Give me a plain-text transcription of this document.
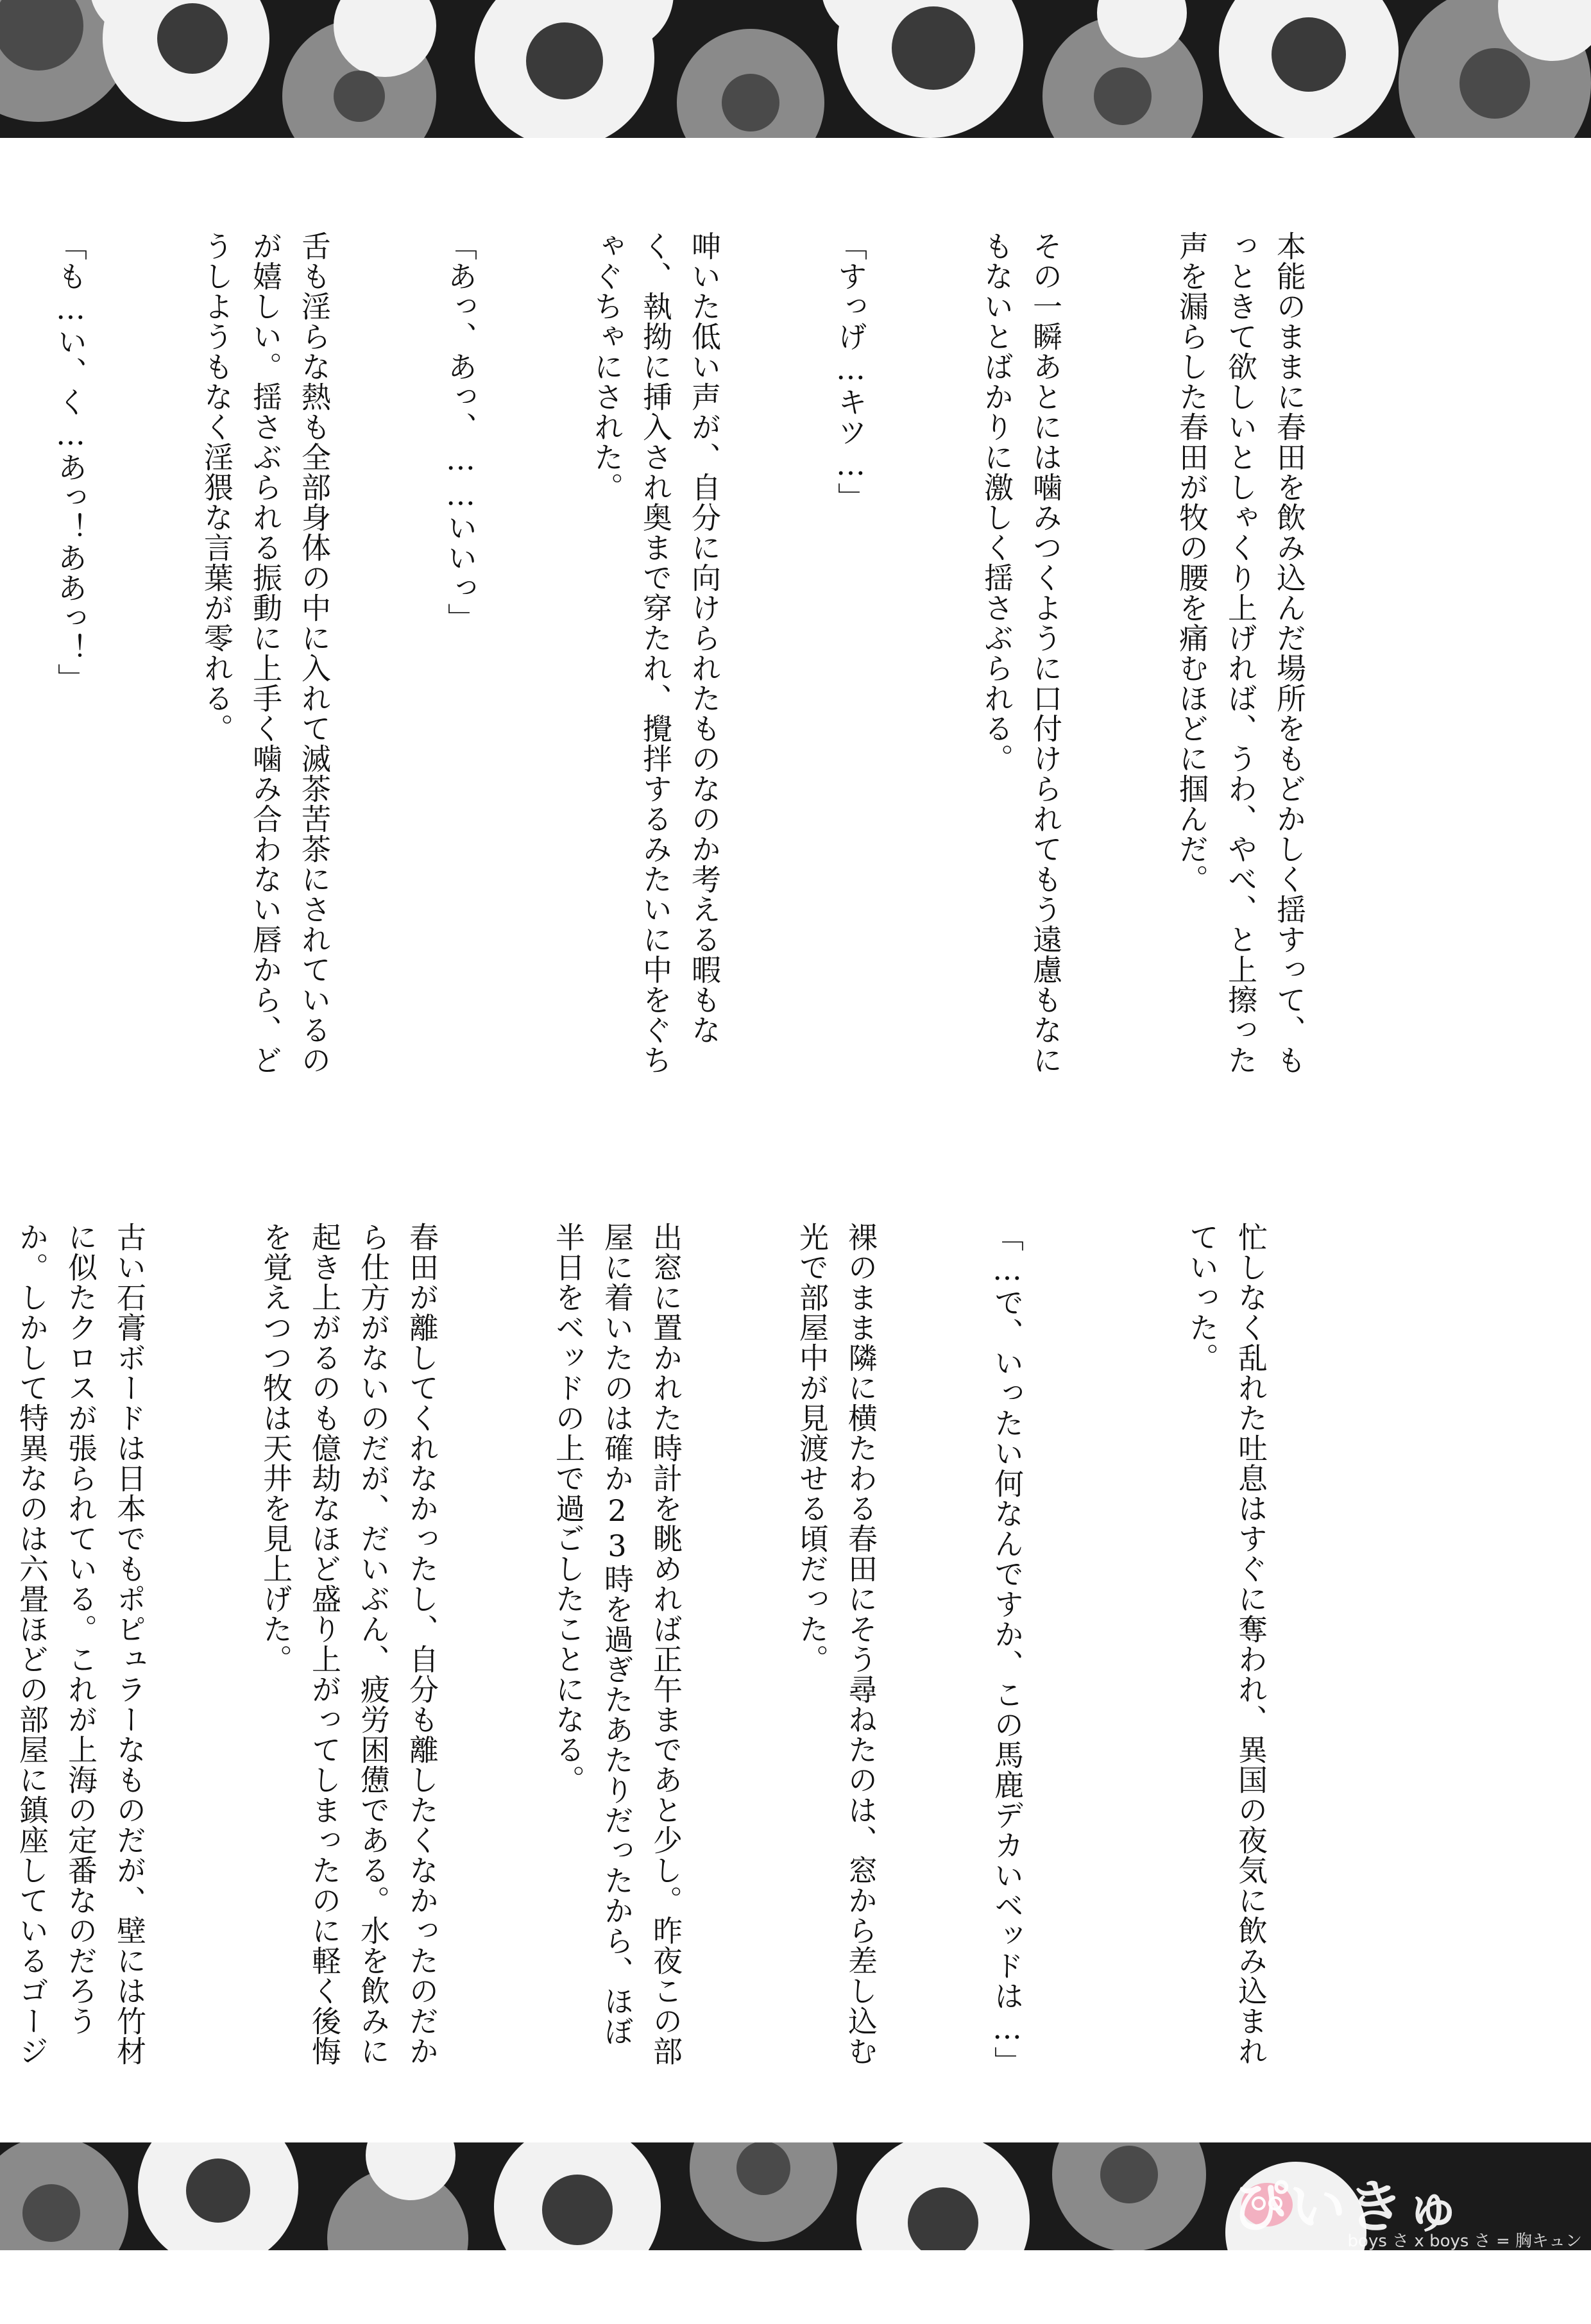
本能のままに春田を飲み込んだ場所をもどかしく揺すって、もっときて欲しいとしゃくり上げれば、うわ、やべ、と上擦った声を漏らした春田が牧の腰を痛むほどに掴んだ。

その一瞬あとには噛みつくように口付けられてもう遠慮もなにもないとばかりに激しく揺さぶられる。

「すっげ…キツ…」

呻いた低い声が、自分に向けられたものなのか考える暇もなく、執拗に挿入され奥まで穿たれ、攪拌するみたいに中をぐちゃぐちゃにされた。

「あっ、あっ、……いいっ」

舌も淫らな熱も全部身体の中に入れて滅茶苦茶にされているのが嬉しい。揺さぶられる振動に上手く噛み合わない唇から、どうしようもなく淫猥な言葉が零れる。

「も…い、く…あっ！ああっ！」

忙しなく乱れた吐息はすぐに奪われ、異国の夜気に飲み込まれていった。

「…で、いったい何なんですか、この馬鹿デカいベッドは…」

裸のまま隣に横たわる春田にそう尋ねたのは、窓から差し込む光で部屋中が見渡せる頃だった。

出窓に置かれた時計を眺めれば正午まであと少し。昨夜この部屋に着いたのは確か23時を過ぎたあたりだったから、ほぼ半日をベッドの上で過ごしたことになる。

春田が離してくれなかったし、自分も離したくなかったのだから仕方がないのだが、だいぶん、疲労困憊である。水を飲みに起き上がるのも億劫なほど盛り上がってしまったのに軽く後悔を覚えつつ牧は天井を見上げた。

古い石膏ボードは日本でもポピュラーなものだが、壁には竹材に似たクロスが張られている。これが上海の定番なのだろうか。しかして特異なのは六畳ほどの部屋に鎮座しているゴージ

ぴいきゅん。
boys さ x boys さ = 胸キュン
